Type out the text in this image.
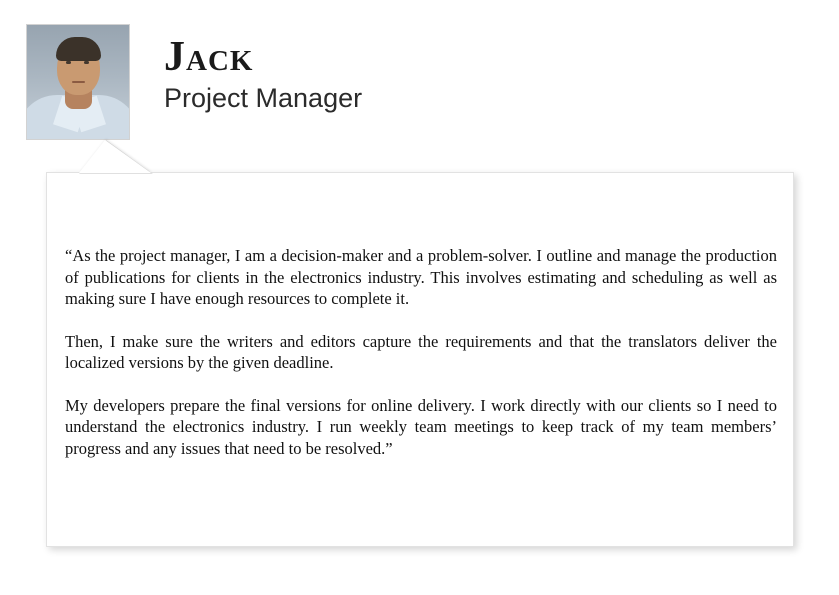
Jack
Project Manager

“As the project manager, I am a decision-maker and a problem-solver. I outline and manage the production of publications for clients in the electronics industry. This involves estimating and scheduling as well as making sure I have enough resources to complete it.

Then, I make sure the writers and editors capture the requirements and that the translators deliver the localized versions by the given deadline.

My developers prepare the final versions for online delivery. I work directly with our clients so I need to understand the electronics industry. I run weekly team meetings to keep track of my team members’ progress and any issues that need to be resolved.”
